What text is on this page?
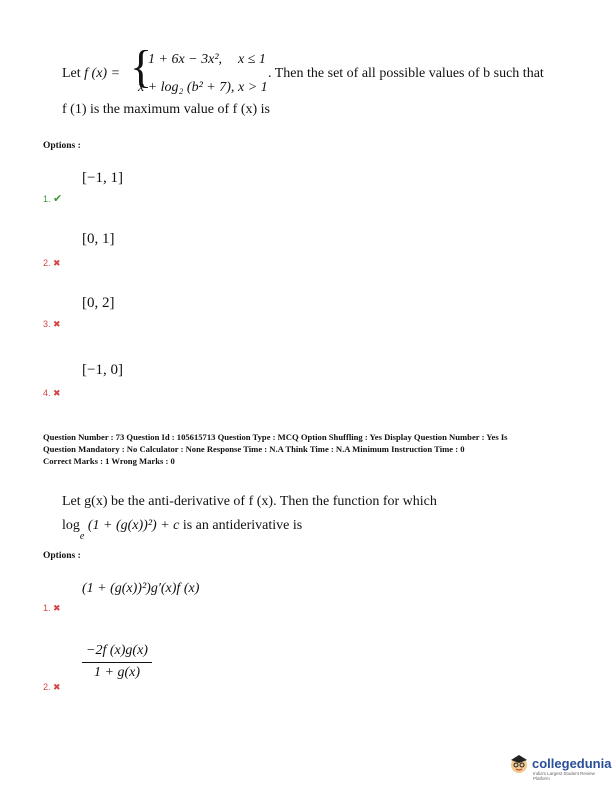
Let f (x) = {
1 + 6x − 3x², x ≤ 1
x + log₂ (b² + 7), x > 1
. Then the set of all possible values of b such that
f (1) is the maximum value of f (x) is
Options :
[−1, 1]
1. ✔
[0, 1]
2. ✖
[0, 2]
3. ✖
[−1, 0]
4. ✖
Question Number : 73 Question Id : 105615713 Question Type : MCQ Option Shuffling : Yes Display Question Number : Yes Is
Question Mandatory : No Calculator : None Response Time : N.A Think Time : N.A Minimum Instruction Time : 0
Correct Marks : 1 Wrong Marks : 0
Let g(x) be the anti-derivative of f (x). Then the function for which
$\log_e (1 + (g(x))^2) + c$ is an antiderivative is
Options :
(1 + (g(x))²)g′(x)f (x)
1. ✖
−2f (x)g(x)
1 + g(x)
2. ✖
collegedunia
India's Largest Student Review Platform
